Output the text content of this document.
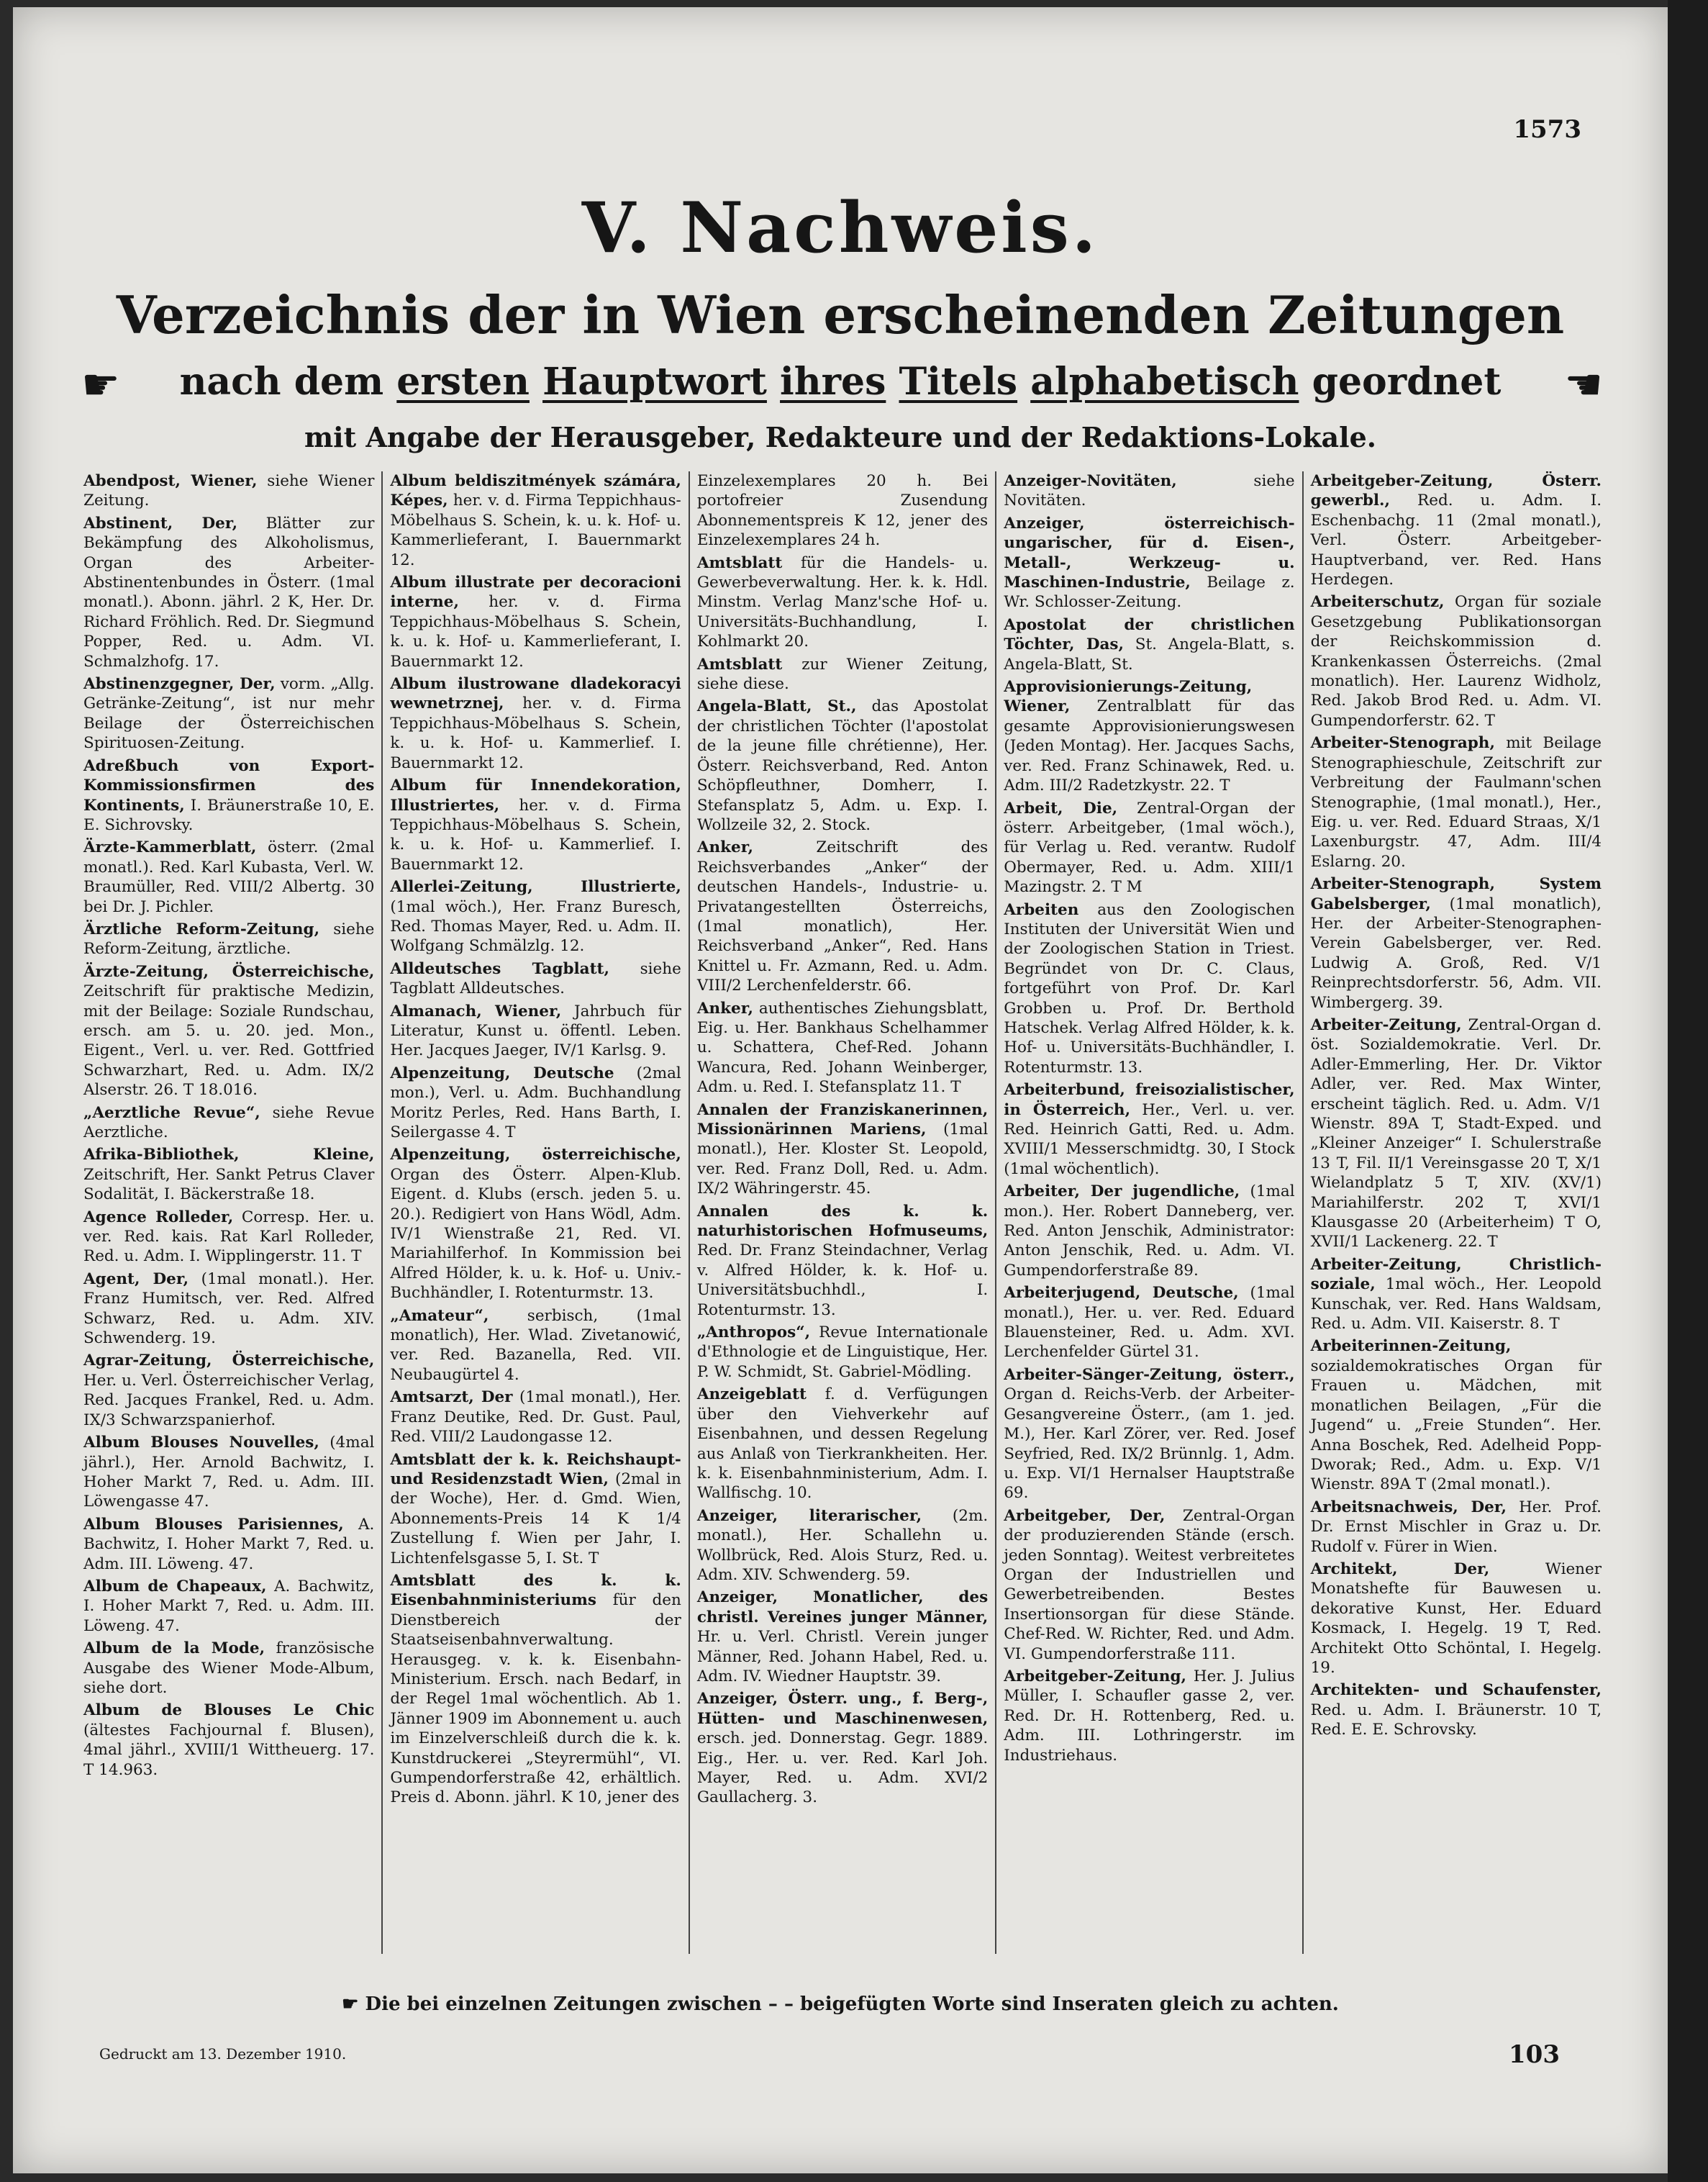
1573
V. Nachweis.
Verzeichnis der in Wien erscheinenden Zeitungen
☛	nach dem ersten Hauptwort ihres Titels alphabetisch geordnet	☚
mit Angabe der Herausgeber, Redakteure und der Redaktions-Lokale.

Abendpost, Wiener, siehe Wiener Zeitung.

Abstinent, Der, Blätter zur Bekämpfung des Alkoholismus, Organ des Arbeiter-Abstinentenbundes in Österr. (1mal monatl.). Abonn. jährl. 2 K, Her. Dr. Richard Fröhlich. Red. Dr. Siegmund Popper, Red. u. Adm. VI. Schmalzhofg. 17.

Abstinenzgegner, Der, vorm. „Allg. Getränke-Zeitung“, ist nur mehr Beilage der Österreichischen Spirituosen-Zeitung.

Adreßbuch von Export-Kommissionsfirmen des Kontinents, I. Bräunerstraße 10, E. E. Sichrovsky.

Ärzte-Kammerblatt, österr. (2mal monatl.). Red. Karl Kubasta, Verl. W. Braumüller, Red. VIII/2 Albertg. 30 bei Dr. J. Pichler.

Ärztliche Reform-Zeitung, siehe Reform-Zeitung, ärztliche.

Ärzte-Zeitung, Österreichische, Zeitschrift für praktische Medizin, mit der Beilage: Soziale Rundschau, ersch. am 5. u. 20. jed. Mon., Eigent., Verl. u. ver. Red. Gottfried Schwarzhart, Red. u. Adm. IX/2 Alserstr. 26. T 18.016.

„Aerztliche Revue“, siehe Revue Aerztliche.

Afrika-Bibliothek, Kleine, Zeitschrift, Her. Sankt Petrus Claver Sodalität, I. Bäckerstraße 18.

Agence Rolleder, Corresp. Her. u. ver. Red. kais. Rat Karl Rolleder, Red. u. Adm. I. Wipplingerstr. 11. T

Agent, Der, (1mal monatl.). Her. Franz Humitsch, ver. Red. Alfred Schwarz, Red. u. Adm. XIV. Schwenderg. 19.

Agrar-Zeitung, Österreichische, Her. u. Verl. Österreichischer Verlag, Red. Jacques Frankel, Red. u. Adm. IX/3 Schwarzspanierhof.

Album Blouses Nouvelles, (4mal jährl.), Her. Arnold Bachwitz, I. Hoher Markt 7, Red. u. Adm. III. Löwengasse 47.

Album Blouses Parisiennes, A. Bachwitz, I. Hoher Markt 7, Red. u. Adm. III. Löweng. 47.

Album de Chapeaux, A. Bachwitz, I. Hoher Markt 7, Red. u. Adm. III. Löweng. 47.

Album de la Mode, französische Ausgabe des Wiener Mode-Album, siehe dort.

Album de Blouses Le Chic (ältestes Fachjournal f. Blusen), 4mal jährl., XVIII/1 Wittheuerg. 17. T 14.963.

Album beldiszitmények számára, Képes, her. v. d. Firma Teppichhaus-Möbelhaus S. Schein, k. u. k. Hof- u. Kammerlieferant, I. Bauernmarkt 12.

Album illustrate per decoracioni interne, her. v. d. Firma Teppichhaus-Möbelhaus S. Schein, k. u. k. Hof- u. Kammerlieferant, I. Bauernmarkt 12.

Album ilustrowane dladekoracyi wewnetrznej, her. v. d. Firma Teppichhaus-Möbelhaus S. Schein, k. u. k. Hof- u. Kammerlief. I. Bauernmarkt 12.

Album für Innendekoration, Illustriertes, her. v. d. Firma Teppichhaus-Möbelhaus S. Schein, k. u. k. Hof- u. Kammerlief. I. Bauernmarkt 12.

Allerlei-Zeitung, Illustrierte, (1mal wöch.), Her. Franz Buresch, Red. Thomas Mayer, Red. u. Adm. II. Wolfgang Schmälzlg. 12.

Alldeutsches Tagblatt, siehe Tagblatt Alldeutsches.

Almanach, Wiener, Jahrbuch für Literatur, Kunst u. öffentl. Leben. Her. Jacques Jaeger, IV/1 Karlsg. 9.

Alpenzeitung, Deutsche (2mal mon.), Verl. u. Adm. Buchhandlung Moritz Perles, Red. Hans Barth, I. Seilergasse 4. T

Alpenzeitung, österreichische, Organ des Österr. Alpen-Klub. Eigent. d. Klubs (ersch. jeden 5. u. 20.). Redigiert von Hans Wödl, Adm. IV/1 Wienstraße 21, Red. VI. Mariahilferhof. In Kommission bei Alfred Hölder, k. u. k. Hof- u. Univ.-Buchhändler, I. Rotenturmstr. 13.

„Amateur“, serbisch, (1mal monatlich), Her. Wlad. Zivetanowić, ver. Red. Bazanella, Red. VII. Neubaugürtel 4.

Amtsarzt, Der (1mal monatl.), Her. Franz Deutike, Red. Dr. Gust. Paul, Red. VIII/2 Laudongasse 12.

Amtsblatt der k. k. Reichshaupt- und Residenzstadt Wien, (2mal in der Woche), Her. d. Gmd. Wien, Abonnements-Preis 14 K 1/4 Zustellung f. Wien per Jahr, I. Lichtenfelsgasse 5, I. St. T

Amtsblatt des k. k. Eisenbahnministeriums für den Dienstbereich der Staatseisenbahnverwaltung. Herausgeg. v. k. k. Eisenbahn-Ministerium. Ersch. nach Bedarf, in der Regel 1mal wöchentlich. Ab 1. Jänner 1909 im Abonnement u. auch im Einzelverschleiß durch die k. k. Kunstdruckerei „Steyrermühl“, VI. Gumpendorferstraße 42, erhältlich. Preis d. Abonn. jährl. K 10, jener des

Einzelexemplares 20 h. Bei portofreier Zusendung Abonnementspreis K 12, jener des Einzelexemplares 24 h.

Amtsblatt für die Handels- u. Gewerbeverwaltung. Her. k. k. Hdl. Minstm. Verlag Manz'sche Hof- u. Universitäts-Buchhandlung, I. Kohlmarkt 20.

Amtsblatt zur Wiener Zeitung, siehe diese.

Angela-Blatt, St., das Apostolat der christlichen Töchter (l'apostolat de la jeune fille chrétienne), Her. Österr. Reichsverband, Red. Anton Schöpfleuthner, Domherr, I. Stefansplatz 5, Adm. u. Exp. I. Wollzeile 32, 2. Stock.

Anker,	Zeitschrift des Reichsverbandes „Anker“ der deutschen Handels-, Industrie- u. Privatangestellten Österreichs, (1mal monatlich), Her. Reichsverband „Anker“, Red. Hans Knittel u. Fr. Azmann, Red. u. Adm. VIII/2 Lerchenfelderstr. 66.

Anker, authentisches Ziehungsblatt, Eig. u. Her. Bankhaus Schelhammer u. Schattera, Chef-Red. Johann Wancura, Red. Johann Weinberger, Adm. u. Red. I. Stefansplatz 11. T

Annalen der Franziskanerinnen, Missionärinnen Mariens, (1mal monatl.), Her. Kloster St. Leopold, ver. Red. Franz Doll, Red. u. Adm. IX/2 Währingerstr. 45.

Annalen des k. k. naturhistorischen Hofmuseums, Red. Dr. Franz Steindachner, Verlag v. Alfred Hölder, k. k. Hof- u. Universitätsbuchhdl., I. Rotenturmstr. 13.

„Anthropos“, Revue Internationale d'Ethnologie et de Linguistique, Her. P. W. Schmidt, St. Gabriel-Mödling.

Anzeigeblatt f. d. Verfügungen über den Viehverkehr auf Eisenbahnen, und dessen Regelung aus Anlaß von Tierkrankheiten. Her. k. k. Eisenbahnministerium, Adm. I. Wallfischg. 10.

Anzeiger, literarischer, (2m. monatl.), Her. Schallehn u. Wollbrück, Red. Alois Sturz, Red. u. Adm. XIV. Schwenderg. 59.

Anzeiger, Monatlicher, des christl. Vereines junger Männer, Hr. u. Verl. Christl. Verein junger Männer, Red. Johann Habel, Red. u. Adm. IV. Wiedner Hauptstr. 39.

Anzeiger, Österr. ung., f. Berg-, Hütten- und Maschinenwesen, ersch. jed. Donnerstag. Gegr. 1889. Eig., Her. u. ver. Red. Karl Joh. Mayer, Red. u. Adm. XVI/2 Gaullacherg. 3.

Anzeiger-Novitäten,	siehe Novitäten.

Anzeiger, österreichisch-ungarischer, für d. Eisen-, Metall-, Werkzeug- u. Maschinen-Industrie, Beilage z. Wr. Schlosser-Zeitung.

Apostolat der christlichen Töchter, Das, St. Angela-Blatt, s. Angela-Blatt, St.

Approvisionierungs-Zeitung, Wiener, Zentralblatt für das gesamte Approvisionierungswesen (Jeden Montag). Her. Jacques Sachs, ver. Red. Franz Schinawek, Red. u. Adm. III/2 Radetzkystr. 22. T

Arbeit, Die, Zentral-Organ der österr. Arbeitgeber, (1mal wöch.), für Verlag u. Red. verantw. Rudolf Obermayer, Red. u. Adm. XIII/1 Mazingstr. 2. T M

Arbeiten aus den Zoologischen Instituten der Universität Wien und der Zoologischen Station in Triest. Begründet von Dr. C. Claus, fortgeführt von Prof. Dr. Karl Grobben u. Prof. Dr. Berthold Hatschek. Verlag Alfred Hölder, k. k. Hof- u. Universitäts-Buchhändler, I. Rotenturmstr. 13.

Arbeiterbund, freisozialistischer, in Österreich, Her., Verl. u. ver. Red. Heinrich Gatti, Red. u. Adm. XVIII/1 Messerschmidtg. 30, I Stock (1mal wöchentlich).

Arbeiter, Der jugendliche, (1mal mon.). Her. Robert Danneberg, ver. Red. Anton Jenschik, Administrator: Anton Jenschik, Red. u. Adm. VI. Gumpendorferstraße 89.

Arbeiterjugend, Deutsche, (1mal monatl.), Her. u. ver. Red. Eduard Blauensteiner, Red. u. Adm. XVI. Lerchenfelder Gürtel 31.

Arbeiter-Sänger-Zeitung, österr., Organ d. Reichs-Verb. der Arbeiter-Gesangvereine Österr., (am 1. jed. M.), Her. Karl Zörer, ver. Red. Josef Seyfried, Red. IX/2 Brünnlg. 1, Adm. u. Exp. VI/1 Hernalser Hauptstraße 69.

Arbeitgeber, Der, Zentral-Organ der produzierenden Stände (ersch. jeden Sonntag). Weitest verbreitetes Organ der Industriellen und Gewerbetreibenden. Bestes Insertionsorgan für diese Stände. Chef-Red. W. Richter, Red. und Adm. VI. Gumpendorferstraße 111.

Arbeitgeber-Zeitung, Her. J. Julius Müller, I. Schaufler gasse 2, ver. Red. Dr. H. Rottenberg, Red. u. Adm. III. Lothringerstr. im Industriehaus.

Arbeitgeber-Zeitung, Österr. gewerbl., Red. u. Adm. I. Eschenbachg. 11 (2mal monatl.), Verl. Österr. Arbeitgeber-Hauptverband, ver. Red. Hans Herdegen.

Arbeiterschutz, Organ für soziale Gesetzgebung Publikationsorgan der Reichskommission d. Krankenkassen Österreichs. (2mal monatlich). Her. Laurenz Widholz, Red. Jakob Brod Red. u. Adm. VI. Gumpendorferstr. 62. T

Arbeiter-Stenograph, mit Beilage Stenographieschule, Zeitschrift zur Verbreitung der Faulmann'schen Stenographie, (1mal monatl.), Her., Eig. u. ver. Red. Eduard Straas, X/1 Laxenburgstr. 47, Adm. III/4 Eslarng. 20.

Arbeiter-Stenograph, System Gabelsberger, (1mal monatlich), Her. der Arbeiter-Stenographen-Verein Gabelsberger, ver. Red. Ludwig A. Groß, Red. V/1 Reinprechtsdorferstr. 56, Adm. VII. Wimbergerg. 39.

Arbeiter-Zeitung, Zentral-Organ d. öst. Sozialdemokratie. Verl. Dr. Adler-Emmerling, Her. Dr. Viktor Adler, ver. Red. Max Winter, erscheint täglich. Red. u. Adm. V/1 Wienstr. 89A T, Stadt-Exped. und „Kleiner Anzeiger“ I. Schulerstraße 13 T, Fil. II/1 Vereinsgasse 20 T, X/1 Wielandplatz 5 T, XIV. (XV/1) Mariahilferstr. 202 T, XVI/1 Klausgasse 20 (Arbeiterheim) T O, XVII/1 Lackenerg. 22. T

Arbeiter-Zeitung, Christlich-soziale, 1mal wöch., Her. Leopold Kunschak, ver. Red. Hans Waldsam, Red. u. Adm. VII. Kaiserstr. 8. T

Arbeiterinnen-Zeitung, sozialdemokratisches Organ für Frauen u. Mädchen, mit monatlichen Beilagen, „Für die Jugend“ u. „Freie Stunden“. Her. Anna Boschek, Red. Adelheid Popp-Dworak; Red., Adm. u. Exp. V/1 Wienstr. 89A T (2mal monatl.).

Arbeitsnachweis, Der, Her. Prof. Dr. Ernst Mischler in Graz u. Dr. Rudolf v. Fürer in Wien.

Architekt, Der,	Wiener Monatshefte für Bauwesen u. dekorative Kunst, Her. Eduard Kosmack, I. Hegelg. 19 T, Red. Architekt Otto Schöntal, I. Hegelg. 19.

Architekten- und Schaufenster, Red. u. Adm. I. Bräunerstr. 10 T, Red. E. E. Schrovsky.

☛ Die bei einzelnen Zeitungen zwischen – – beigefügten Worte sind Inseraten gleich zu achten.
Gedruckt am 13. Dezember 1910.	103
